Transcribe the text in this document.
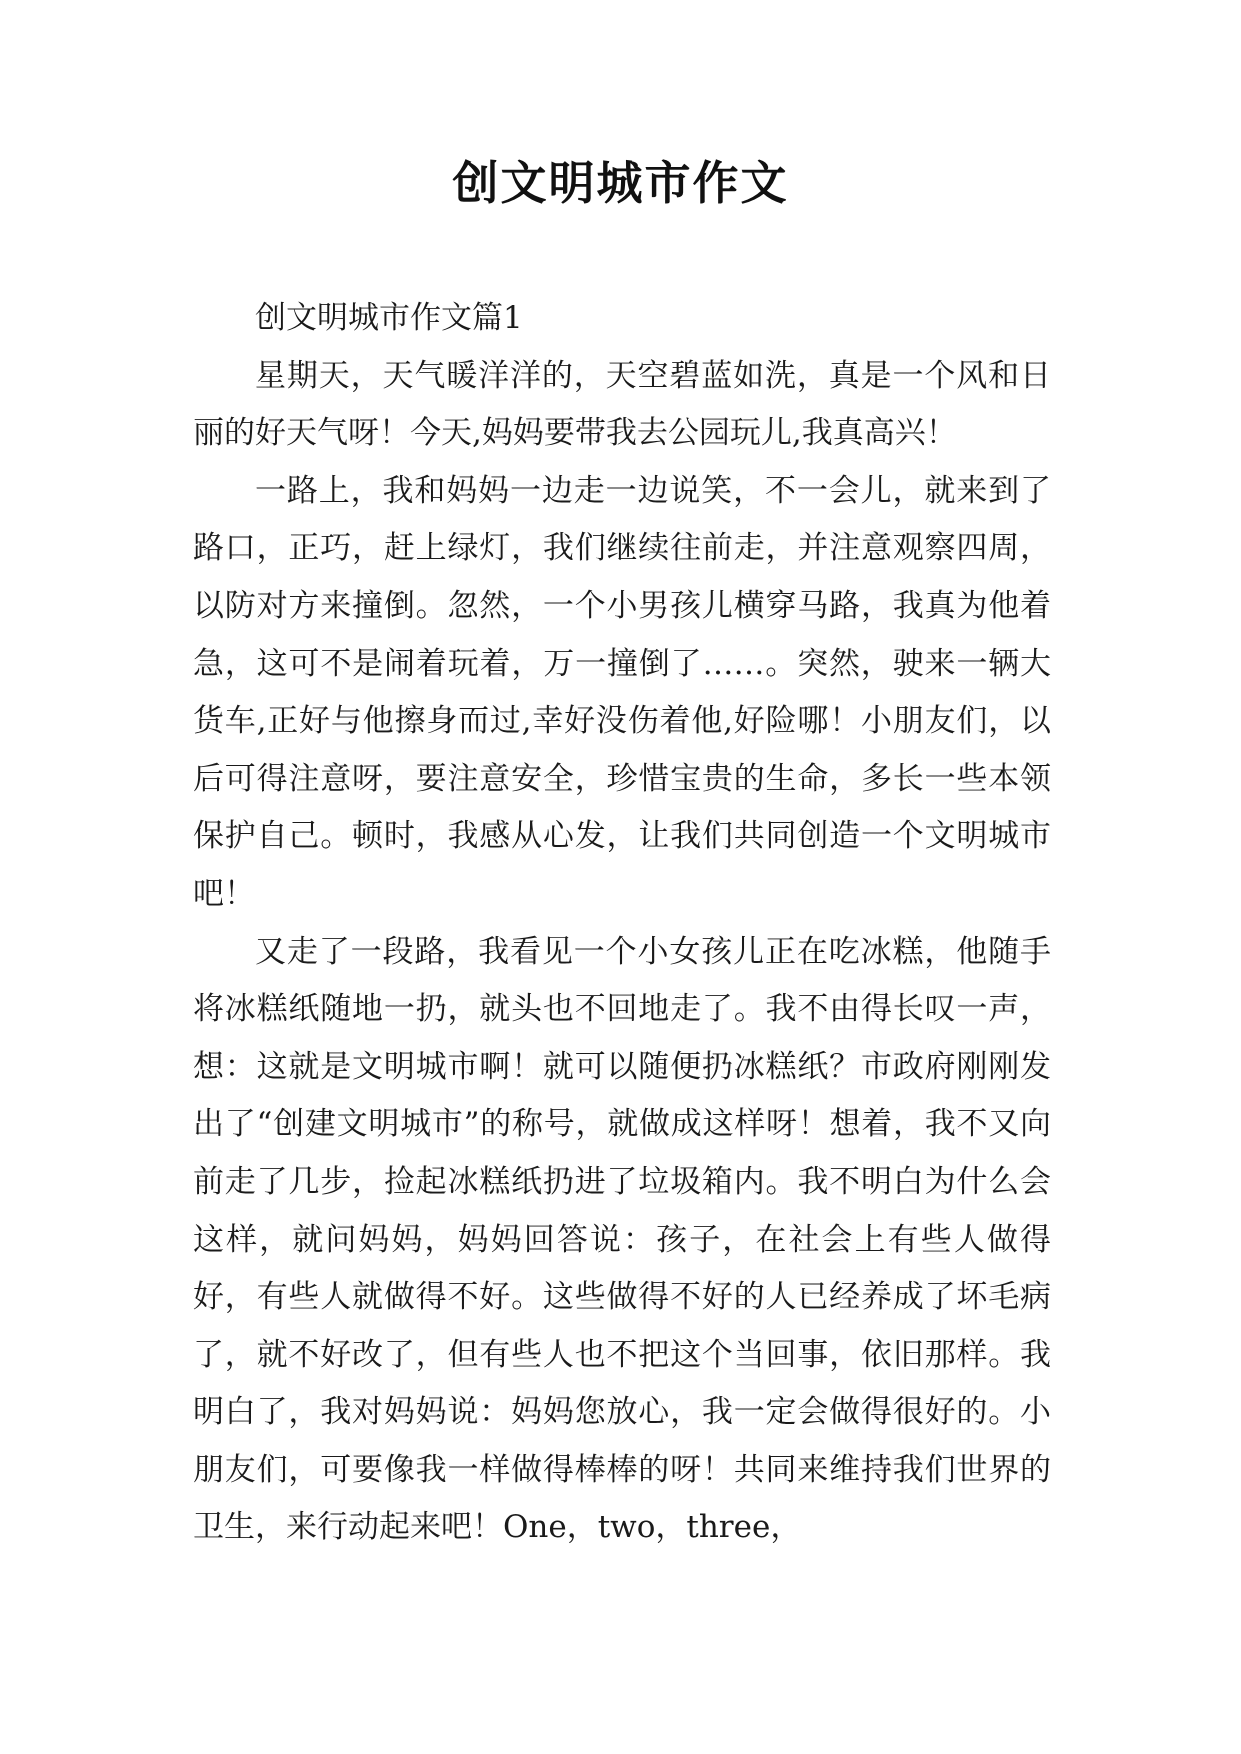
创文明城市作文

创文明城市作文篇1

星期天，天气暖洋洋的，天空碧蓝如洗，真是一个风和日丽的好天气呀！今天,妈妈要带我去公园玩儿,我真高兴！

一路上，我和妈妈一边走一边说笑，不一会儿，就来到了路口，正巧，赶上绿灯，我们继续往前走，并注意观察四周，以防对方来撞倒。忽然，一个小男孩儿横穿马路，我真为他着急，这可不是闹着玩着，万一撞倒了……。突然，驶来一辆大货车,正好与他擦身而过,幸好没伤着他,好险哪！小朋友们，以后可得注意呀，要注意安全，珍惜宝贵的生命，多长一些本领保护自己。顿时，我感从心发，让我们共同创造一个文明城市吧！

又走了一段路，我看见一个小女孩儿正在吃冰糕，他随手将冰糕纸随地一扔，就头也不回地走了。我不由得长叹一声，想：这就是文明城市啊！就可以随便扔冰糕纸？市政府刚刚发出了“创建文明城市”的称号，就做成这样呀！想着，我不又向前走了几步，捡起冰糕纸扔进了垃圾箱内。我不明白为什么会这样，就问妈妈，妈妈回答说：孩子，在社会上有些人做得好，有些人就做得不好。这些做得不好的人已经养成了坏毛病了，就不好改了，但有些人也不把这个当回事，依旧那样。我明白了，我对妈妈说：妈妈您放心，我一定会做得很好的。小朋友们，可要像我一样做得棒棒的呀！共同来维持我们世界的卫生，来行动起来吧！One，two，three，
